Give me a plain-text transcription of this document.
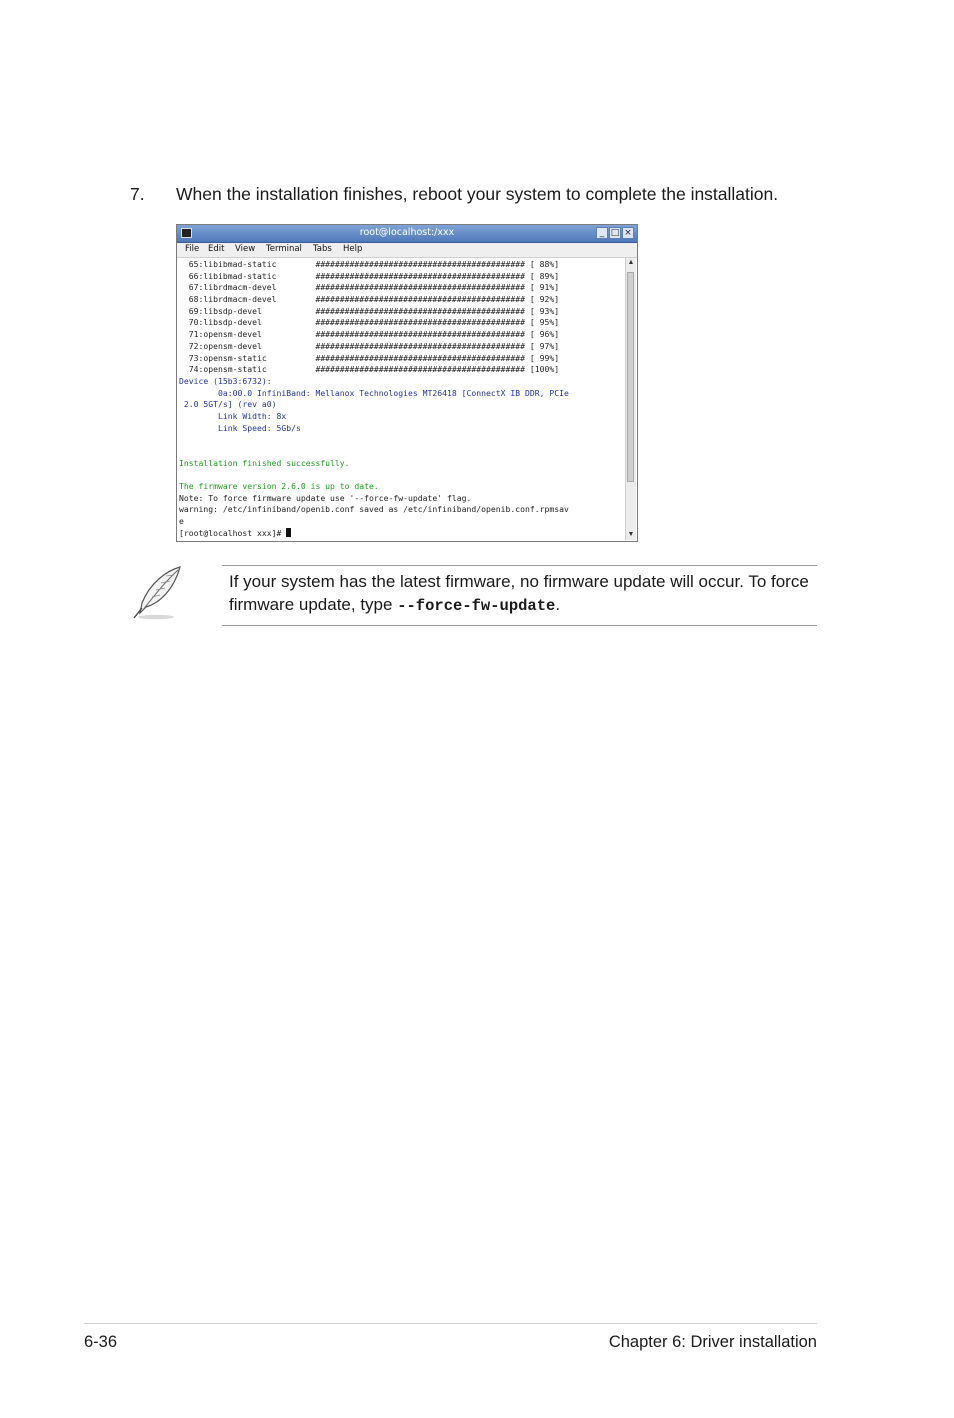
7. When the installation finishes, reboot your system to complete the installation.
root@localhost:/xxx	_ □ ×
File Edit View Terminal Tabs Help
65:libibmad-static        ########################################### [ 88%]
66:libibmad-static        ########################################### [ 89%]
67:librdmacm-devel        ########################################### [ 91%]
68:librdmacm-devel        ########################################### [ 92%]
69:libsdp-devel           ########################################### [ 93%]
70:libsdp-devel           ########################################### [ 95%]
71:opensm-devel           ########################################### [ 96%]
72:opensm-devel           ########################################### [ 97%]
73:opensm-static          ########################################### [ 99%]
74:opensm-static          ########################################### [100%]
Device (15b3:6732):
0a:00.0 InfiniBand: Mellanox Technologies MT26418 [ConnectX IB DDR, PCIe
2.0 5GT/s] (rev a0)
Link Width: 8x
Link Speed: 5Gb/s
Installation finished successfully.
The firmware version 2.6.0 is up to date.
Note: To force firmware update use '--force-fw-update' flag.
warning: /etc/infiniband/openib.conf saved as /etc/infiniband/openib.conf.rpmsav
e
[root@localhost xxx]#
▲
▼
If your system has the latest firmware, no firmware update will occur. To force firmware update, type --force-fw-update.
6-36	Chapter 6: Driver installation
